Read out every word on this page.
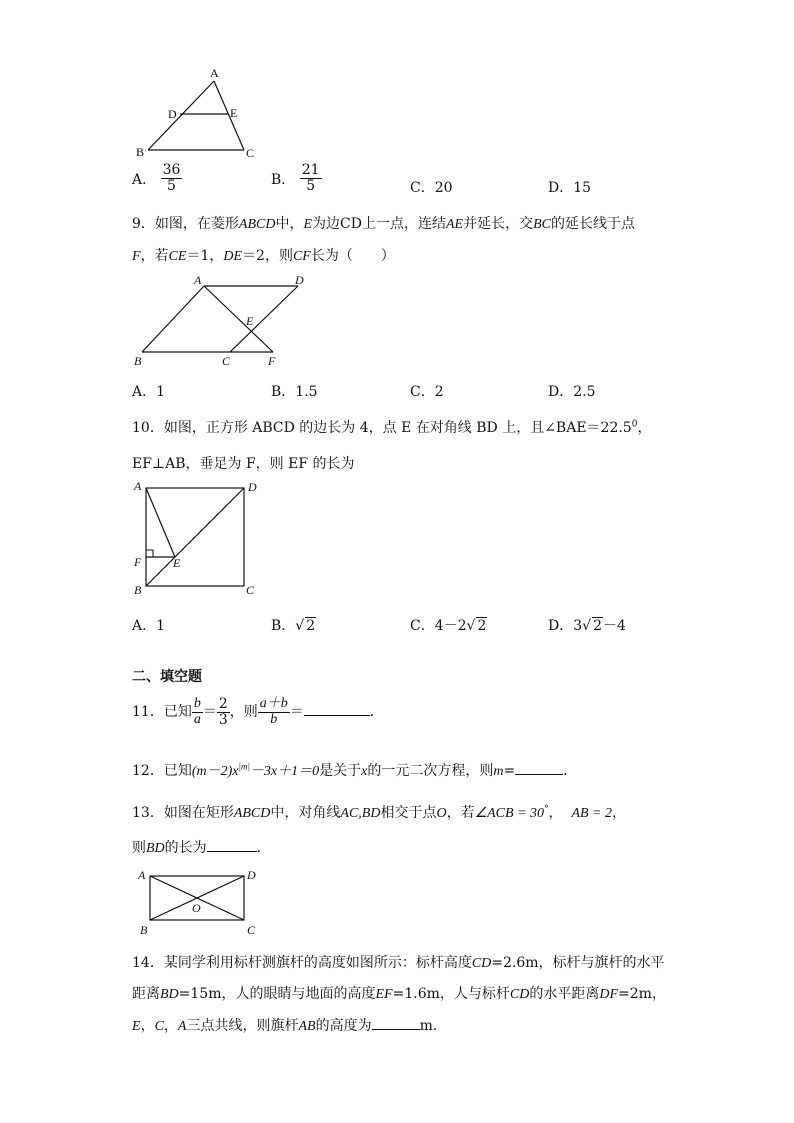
A
D	E
B	C
A． $\frac{36}{5}$	B． $\frac{21}{5}$	C．20	D．15
9．如图，在菱形ABCD中，E为边CD上一点，连结AE并延长，交BC的延长线于点
F，若CE＝1，DE＝2，则CF长为（　　）
A	D
E
B	C	F
A．1	B．1.5	C．2	D．2.5
10．如图，正方形 ABCD 的边长为 4，点 E 在对角线 BD 上，且$\angle BAE=22.5^0$，
EF⊥AB，垂足为 F，则 EF 的长为
A	D
F	E
B	C
A．1	B．√ 2	C．4－2√ 2	D．3√ 2－4
二、填空题
11．已知 $\frac{b}{a} = \frac{2}{3}$ ，则 $\frac{a+b}{b}$ ＝	．
12．已知$(m-2)x^{|m|}-3x+1=0$是关于x的一元二次方程，则m=	．
13．如图在矩形ABCD中，对角线AC,BD相交于点O，若∠ACB = 30°， AB = 2，
则BD的长为	．
A	D
O
B	C
14．某同学利用标杆测旗杆的高度如图所示：标杆高度CD=2.6m，标杆与旗杆的水平
距离BD=15m，人的眼睛与地面的高度EF=1.6m，人与标杆CD的水平距离DF=2m，
E，C，A三点共线，则旗杆AB的高度为	m．
